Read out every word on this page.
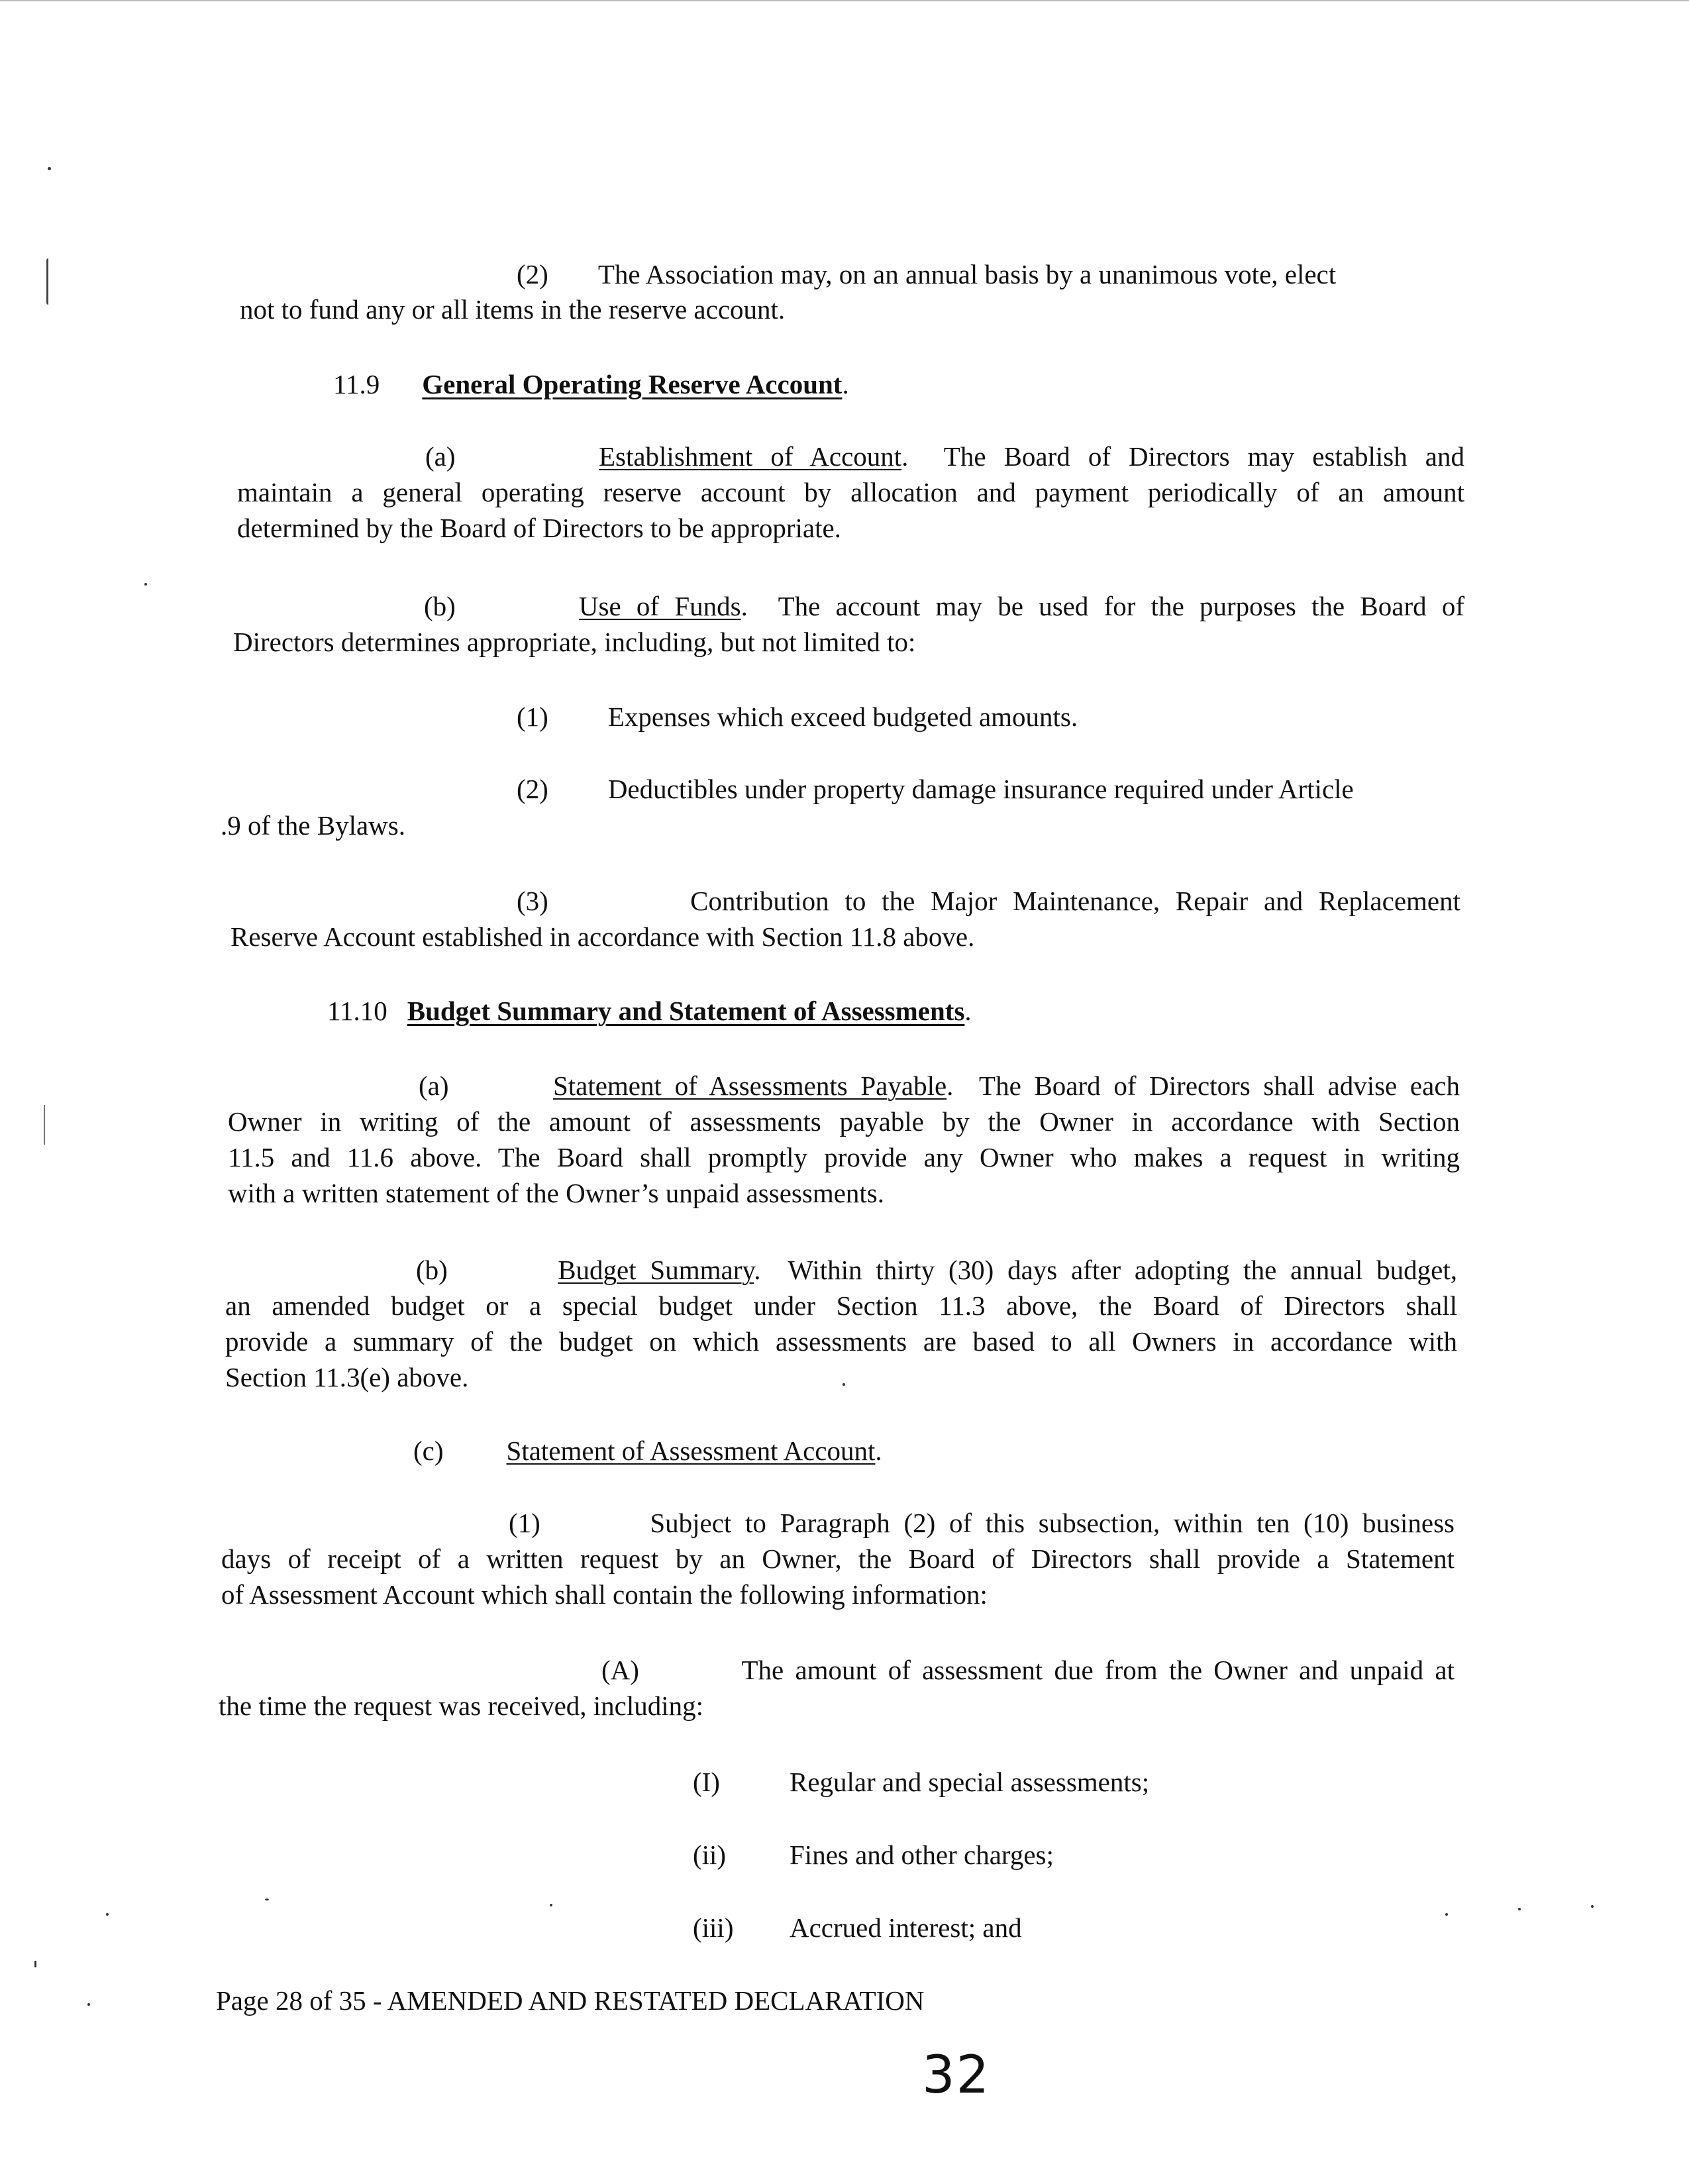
(2) The Association may, on an annual basis by a unanimous vote, elect
not to fund any or all items in the reserve account.
11.9 General Operating Reserve Account.
(a)	Establishment of Account.  The Board of Directors may establish and
maintain a general operating reserve account by allocation and payment periodically of an amount
determined by the Board of Directors to be appropriate.
(b)	Use of Funds.  The account may be used for the purposes the Board of
Directors determines appropriate, including, but not limited to:
(1) Expenses which exceed budgeted amounts.
(2) Deductibles under property damage insurance required under Article
.9 of the Bylaws.
(3)	Contribution to the Major Maintenance, Repair and Replacement
Reserve Account established in accordance with Section 11.8 above.
11.10 Budget Summary and Statement of Assessments.
(a)	Statement of Assessments Payable.  The Board of Directors shall advise each
Owner in writing of the amount of assessments payable by the Owner in accordance with Section
11.5 and 11.6 above. The Board shall promptly provide any Owner who makes a request in writing
with a written statement of the Owner’s unpaid assessments.
(b)	Budget Summary.  Within thirty (30) days after adopting the annual budget,
an amended budget or a special budget under Section 11.3 above, the Board of Directors shall
provide a summary of the budget on which assessments are based to all Owners in accordance with
Section 11.3(e) above.
(c) Statement of Assessment Account.
(1)	Subject to Paragraph (2) of this subsection, within ten (10) business
days of receipt of a written request by an Owner, the Board of Directors shall provide a Statement
of Assessment Account which shall contain the following information:
(A)	The amount of assessment due from the Owner and unpaid at
the time the request was received, including:
(I)	Regular and special assessments;
(ii) Fines and other charges;
(iii) Accrued interest; and
Page 28 of 35 - AMENDED AND RESTATED DECLARATION
32
